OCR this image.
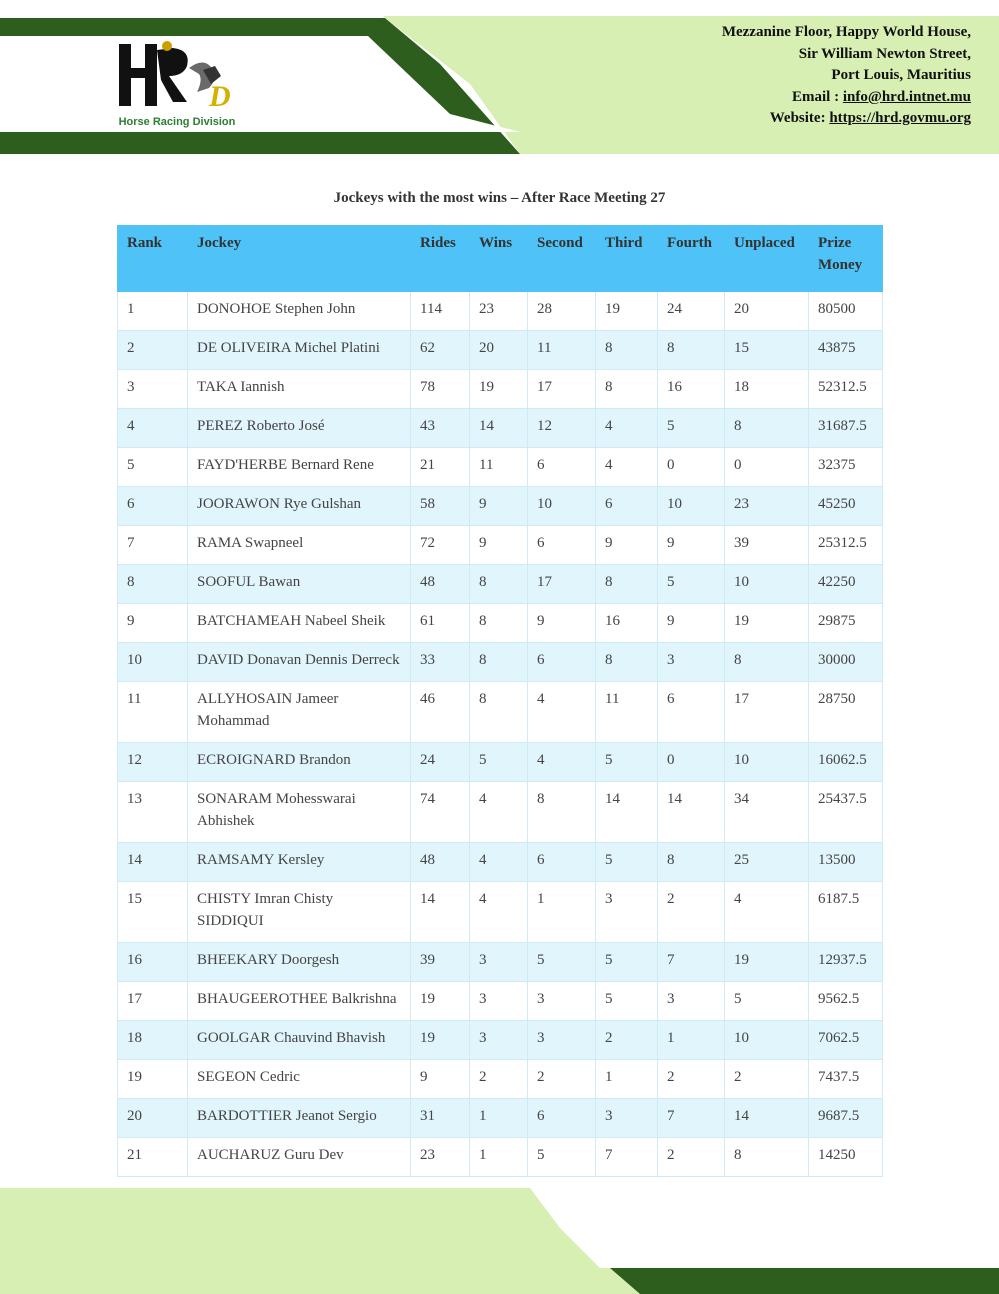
D
Horse Racing Division
Mezzanine Floor, Happy World House,
Sir William Newton Street,
Port Louis, Mauritius
Email : info@hrd.intnet.mu
Website: https://hrd.govmu.org
Jockeys with the most wins – After Race Meeting 27
Rank	Jockey	Rides	Wins	Second	Third	Fourth	Unplaced	Prize Money
1	DONOHOE Stephen John	114	23	28	19	24	20	80500
2	DE OLIVEIRA Michel Platini	62	20	11	8	8	15	43875
3	TAKA Iannish	78	19	17	8	16	18	52312.5
4	PEREZ Roberto José	43	14	12	4	5	8	31687.5
5	FAYD'HERBE Bernard Rene	21	11	6	4	0	0	32375
6	JOORAWON Rye Gulshan	58	9	10	6	10	23	45250
7	RAMA Swapneel	72	9	6	9	9	39	25312.5
8	SOOFUL Bawan	48	8	17	8	5	10	42250
9	BATCHAMEAH Nabeel Sheik	61	8	9	16	9	19	29875
10	DAVID Donavan Dennis Derreck	33	8	6	8	3	8	30000
11	ALLYHOSAIN Jameer Mohammad	46	8	4	11	6	17	28750
12	ECROIGNARD Brandon	24	5	4	5	0	10	16062.5
13	SONARAM Mohesswarai Abhishek	74	4	8	14	14	34	25437.5
14	RAMSAMY Kersley	48	4	6	5	8	25	13500
15	CHISTY Imran Chisty SIDDIQUI	14	4	1	3	2	4	6187.5
16	BHEEKARY Doorgesh	39	3	5	5	7	19	12937.5
17	BHAUGEEROTHEE Balkrishna	19	3	3	5	3	5	9562.5
18	GOOLGAR Chauvind Bhavish	19	3	3	2	1	10	7062.5
19	SEGEON Cedric	9	2	2	1	2	2	7437.5
20	BARDOTTIER Jeanot Sergio	31	1	6	3	7	14	9687.5
21	AUCHARUZ Guru Dev	23	1	5	7	2	8	14250
